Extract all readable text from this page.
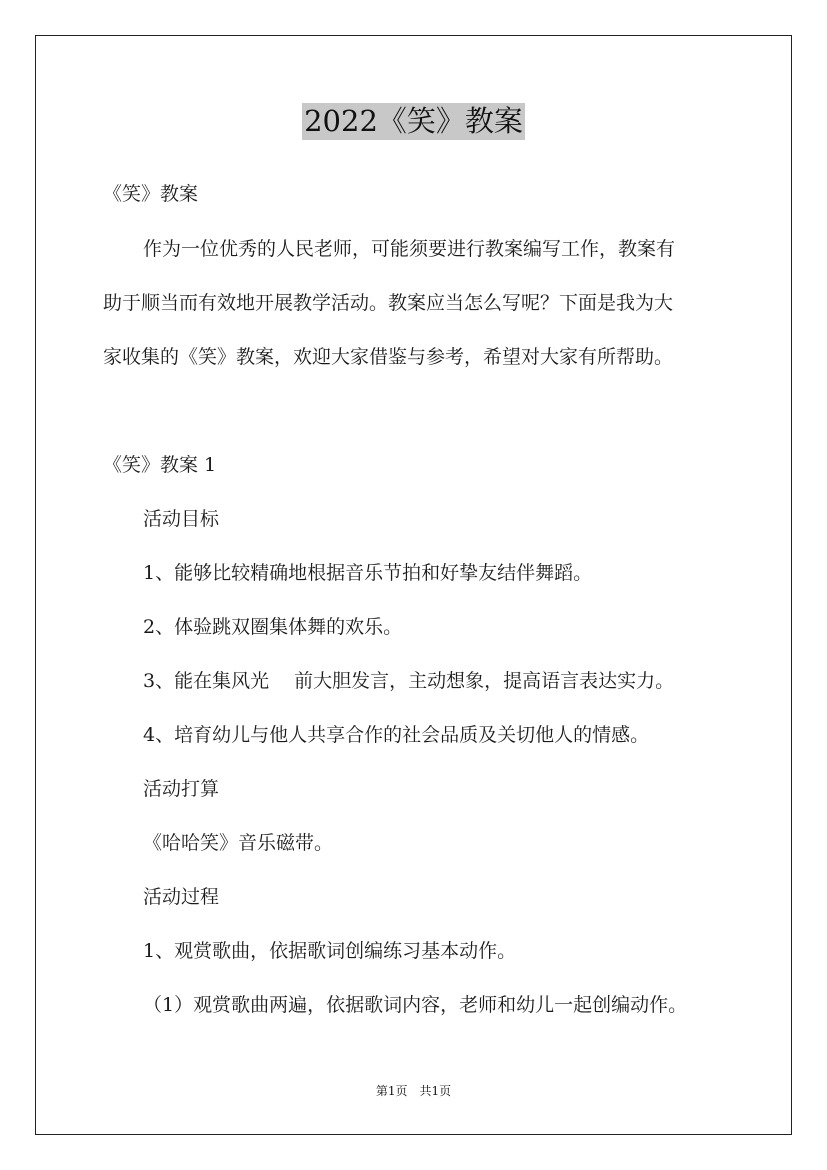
2022《笑》教案
《笑》教案
作为一位优秀的人民老师，可能须要进行教案编写工作，教案有
助于顺当而有效地开展教学活动。教案应当怎么写呢？下面是我为大
家收集的《笑》教案，欢迎大家借鉴与参考，希望对大家有所帮助。
《笑》教案 1
活动目标
1、能够比较精确地根据音乐节拍和好挚友结伴舞蹈。
2、体验跳双圈集体舞的欢乐。
3、能在集风光　 前大胆发言，主动想象，提高语言表达实力。
4、培育幼儿与他人共享合作的社会品质及关切他人的情感。
活动打算
《哈哈笑》音乐磁带。
活动过程
1、观赏歌曲，依据歌词创编练习基本动作。
（1）观赏歌曲两遍，依据歌词内容，老师和幼儿一起创编动作。
第1页　共1页
